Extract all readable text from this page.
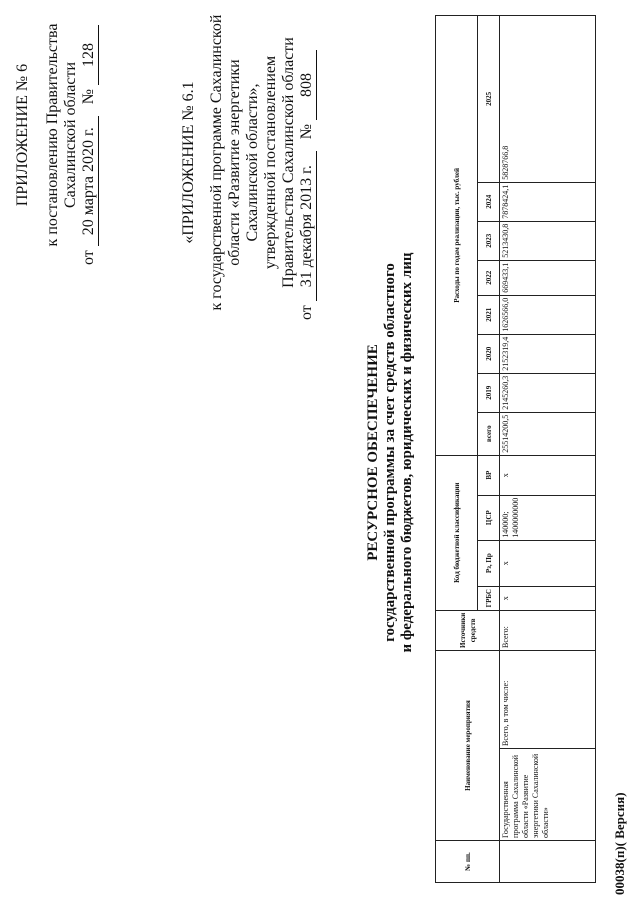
ПРИЛОЖЕНИЕ № 6 к постановлению Правительства Сахалинской области
от 20 марта 2020 г. № 128
«ПРИЛОЖЕНИЕ № 6.1 к государственной программе Сахалинской области «Развитие энергетики Сахалинской области», утвержденной постановлением Правительства Сахалинской области
от 31 декабря 2013 г. № 808
РЕСУРСНОЕ ОБЕСПЕЧЕНИЕ государственной программы за счет средств областного и федерального бюджетов, юридических и физических лиц
№ пп.	Наименование мероприятия		Источники средств	Код бюджетной классификации				Расходы по годам реализации, тыс. рублей							
				ГРБС	Рз, Пр	ЦСР	ВР	всего	2019	2020	2021	2022	2023	2024	2025
	Государственная программа Сахалинской области «Развитие энергетики Сахалинской области»	Всего, в том числе:	Всего:	х	х	140000; 1400000000	х	25514200,5	2145260,3	2152319,4	1626566,0	669433,1	5213430,8	7878424,1	5828766,8
00038(п)( Версия)
